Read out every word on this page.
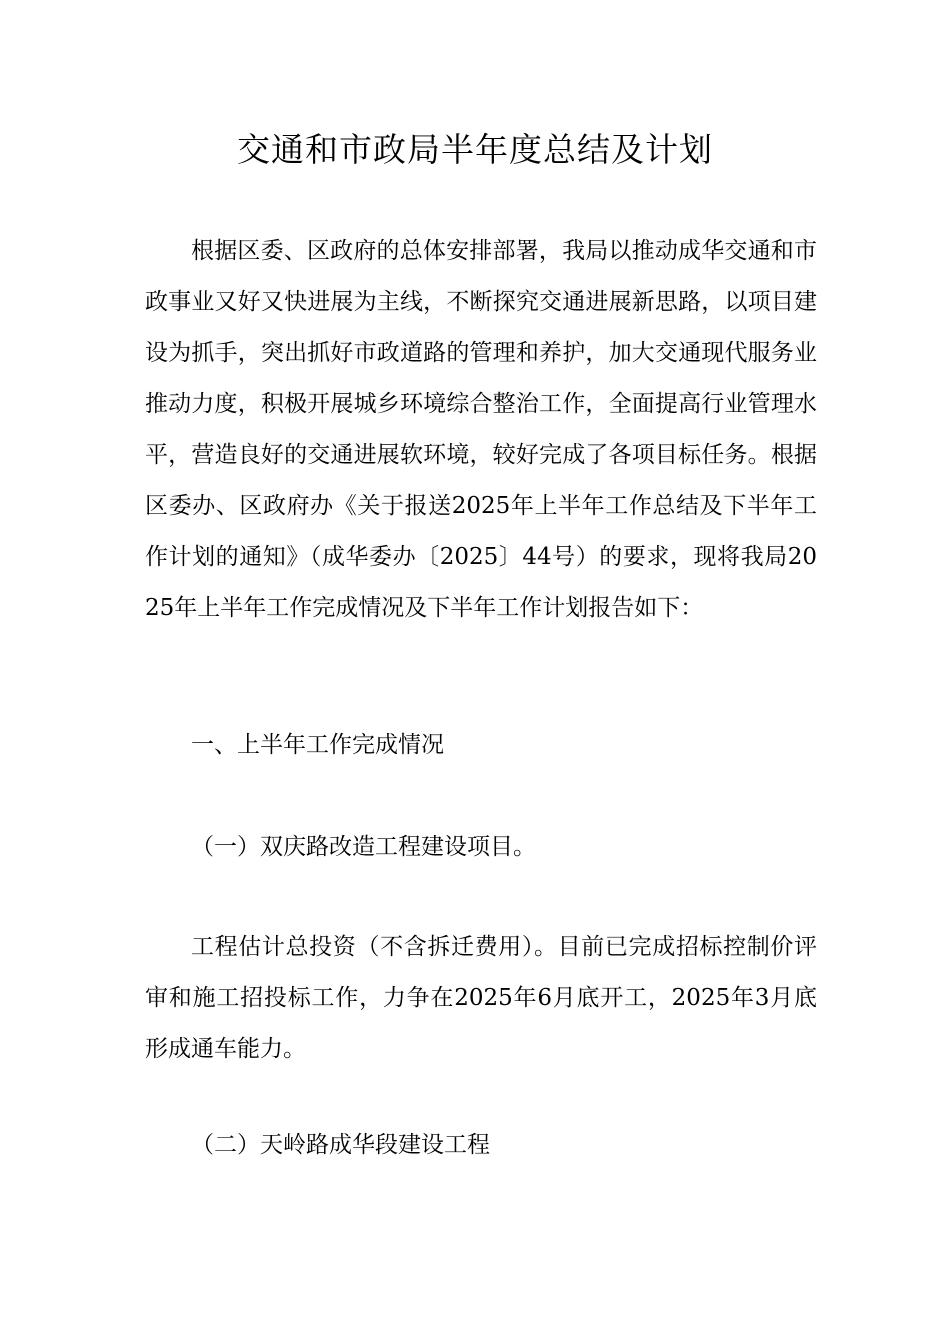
交通和市政局半年度总结及计划

根据区委、区政府的总体安排部署，我局以推动成华交通和市政事业又好又快进展为主线，不断探究交通进展新思路，以项目建设为抓手，突出抓好市政道路的管理和养护，加大交通现代服务业推动力度，积极开展城乡环境综合整治工作，全面提高行业管理水平，营造良好的交通进展软环境，较好完成了各项目标任务。根据区委办、区政府办《关于报送2025年上半年工作总结及下半年工作计划的通知》（成华委办〔2025〕44号）的要求，现将我局2025年上半年工作完成情况及下半年工作计划报告如下：

一、上半年工作完成情况

（一）双庆路改造工程建设项目。

工程估计总投资（不含拆迁费用）。目前已完成招标控制价评审和施工招投标工作，力争在2025年6月底开工，2025年3月底形成通车能力。

（二）天岭路成华段建设工程
